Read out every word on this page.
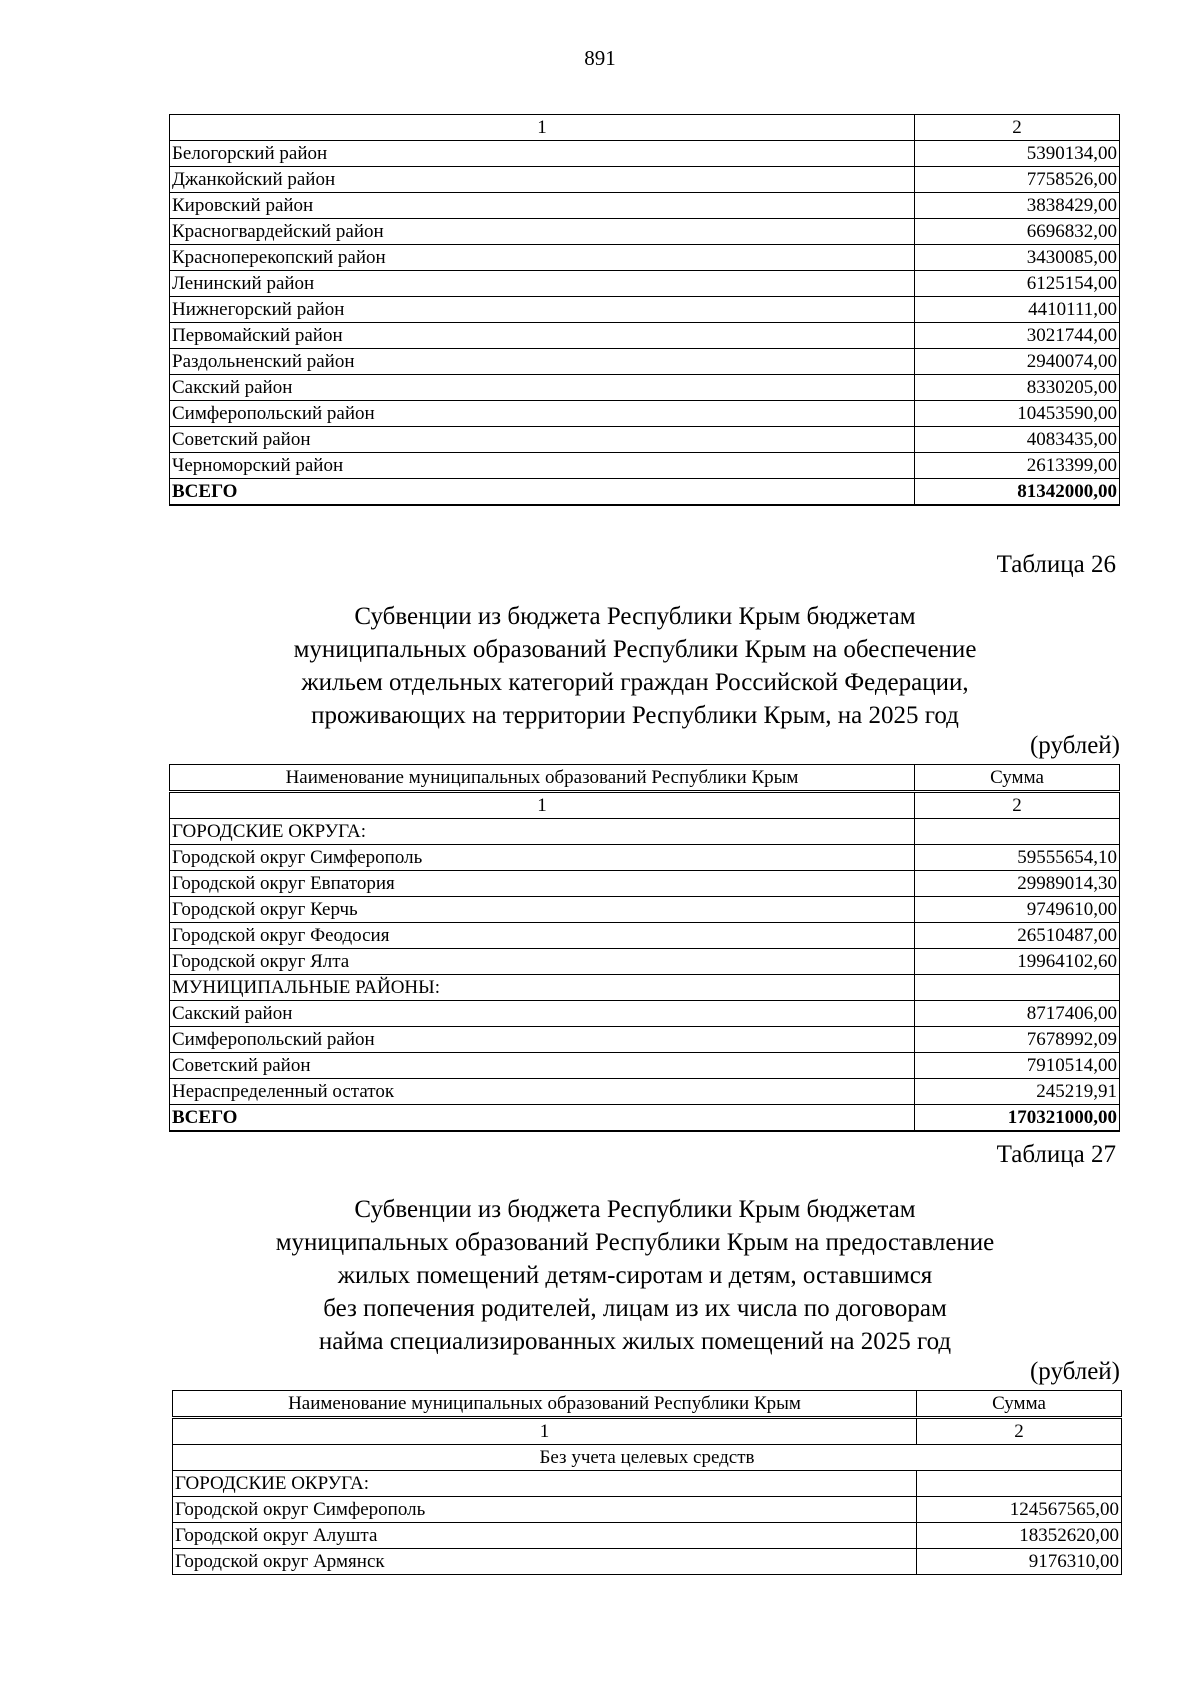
891
1	2
Белогорский район	5390134,00
Джанкойский район	7758526,00
Кировский район	3838429,00
Красногвардейский район	6696832,00
Красноперекопский район	3430085,00
Ленинский район	6125154,00
Нижнегорский район	4410111,00
Первомайский район	3021744,00
Раздольненский район	2940074,00
Сакский район	8330205,00
Симферопольский район	10453590,00
Советский район	4083435,00
Черноморский район	2613399,00
ВСЕГО	81342000,00
Таблица 26
Субвенции из бюджета Республики Крым бюджетам
муниципальных образований Республики Крым на обеспечение
жильем отдельных категорий граждан Российской Федерации,
проживающих на территории Республики Крым, на 2025 год
(рублей)
Наименование муниципальных образований Республики Крым	Сумма
1	2
ГОРОДСКИЕ ОКРУГА:	
Городской округ Симферополь	59555654,10
Городской округ Евпатория	29989014,30
Городской округ Керчь	9749610,00
Городской округ Феодосия	26510487,00
Городской округ Ялта	19964102,60
МУНИЦИПАЛЬНЫЕ РАЙОНЫ:	
Сакский район	8717406,00
Симферопольский район	7678992,09
Советский район	7910514,00
Нераспределенный остаток	245219,91
ВСЕГО	170321000,00
Таблица 27
Субвенции из бюджета Республики Крым бюджетам
муниципальных образований Республики Крым на предоставление
жилых помещений детям-сиротам и детям, оставшимся
без попечения родителей, лицам из их числа по договорам
найма специализированных жилых помещений на 2025 год
(рублей)
Наименование муниципальных образований Республики Крым	Сумма
1	2
Без учета целевых средств	
ГОРОДСКИЕ ОКРУГА:	
Городской округ Симферополь	124567565,00
Городской округ Алушта	18352620,00
Городской округ Армянск	9176310,00
